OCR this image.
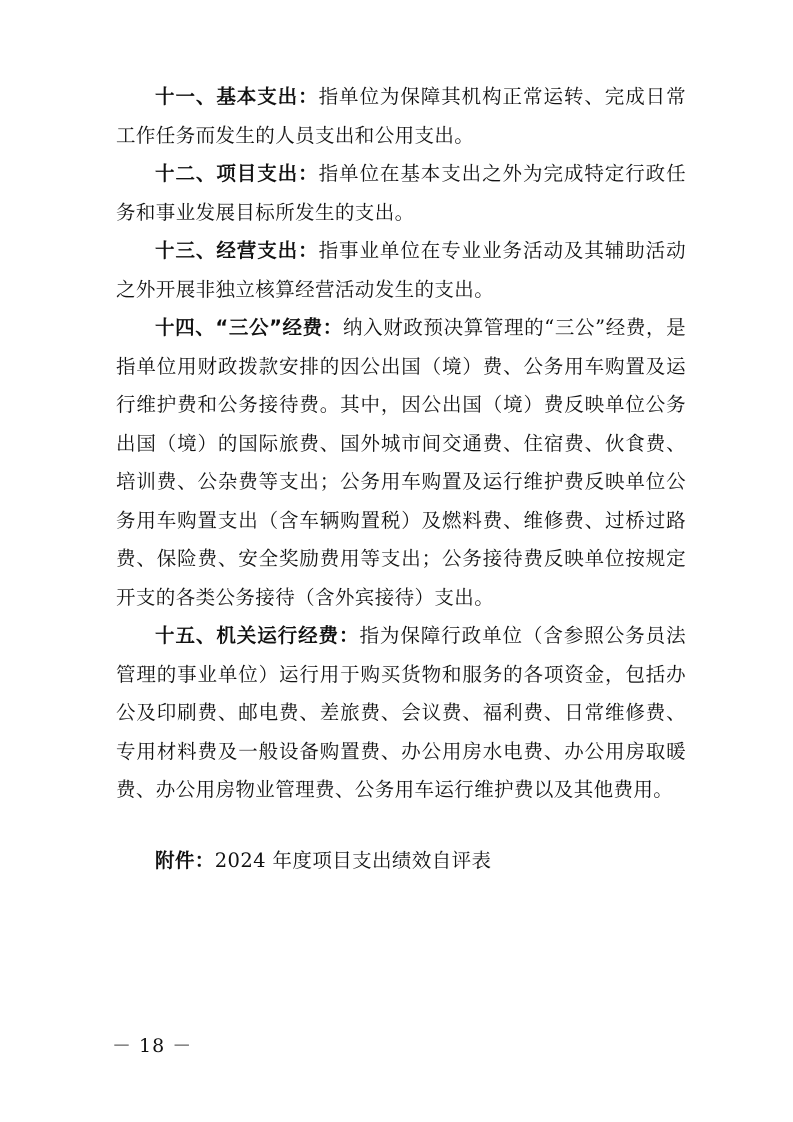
十一、基本支出：指单位为保障其机构正常运转、完成日常工作任务而发生的人员支出和公用支出。

十二、项目支出：指单位在基本支出之外为完成特定行政任务和事业发展目标所发生的支出。

十三、经营支出：指事业单位在专业业务活动及其辅助活动之外开展非独立核算经营活动发生的支出。

十四、“三公”经费：纳入财政预决算管理的“三公”经费，是指单位用财政拨款安排的因公出国（境）费、公务用车购置及运行维护费和公务接待费。其中，因公出国（境）费反映单位公务出国（境）的国际旅费、国外城市间交通费、住宿费、伙食费、培训费、公杂费等支出；公务用车购置及运行维护费反映单位公务用车购置支出（含车辆购置税）及燃料费、维修费、过桥过路费、保险费、安全奖励费用等支出；公务接待费反映单位按规定开支的各类公务接待（含外宾接待）支出。

十五、机关运行经费：指为保障行政单位（含参照公务员法管理的事业单位）运行用于购买货物和服务的各项资金，包括办公及印刷费、邮电费、差旅费、会议费、福利费、日常维修费、专用材料费及一般设备购置费、办公用房水电费、办公用房取暖费、办公用房物业管理费、公务用车运行维护费以及其他费用。

附件：2024 年度项目支出绩效自评表

－ 18 －
